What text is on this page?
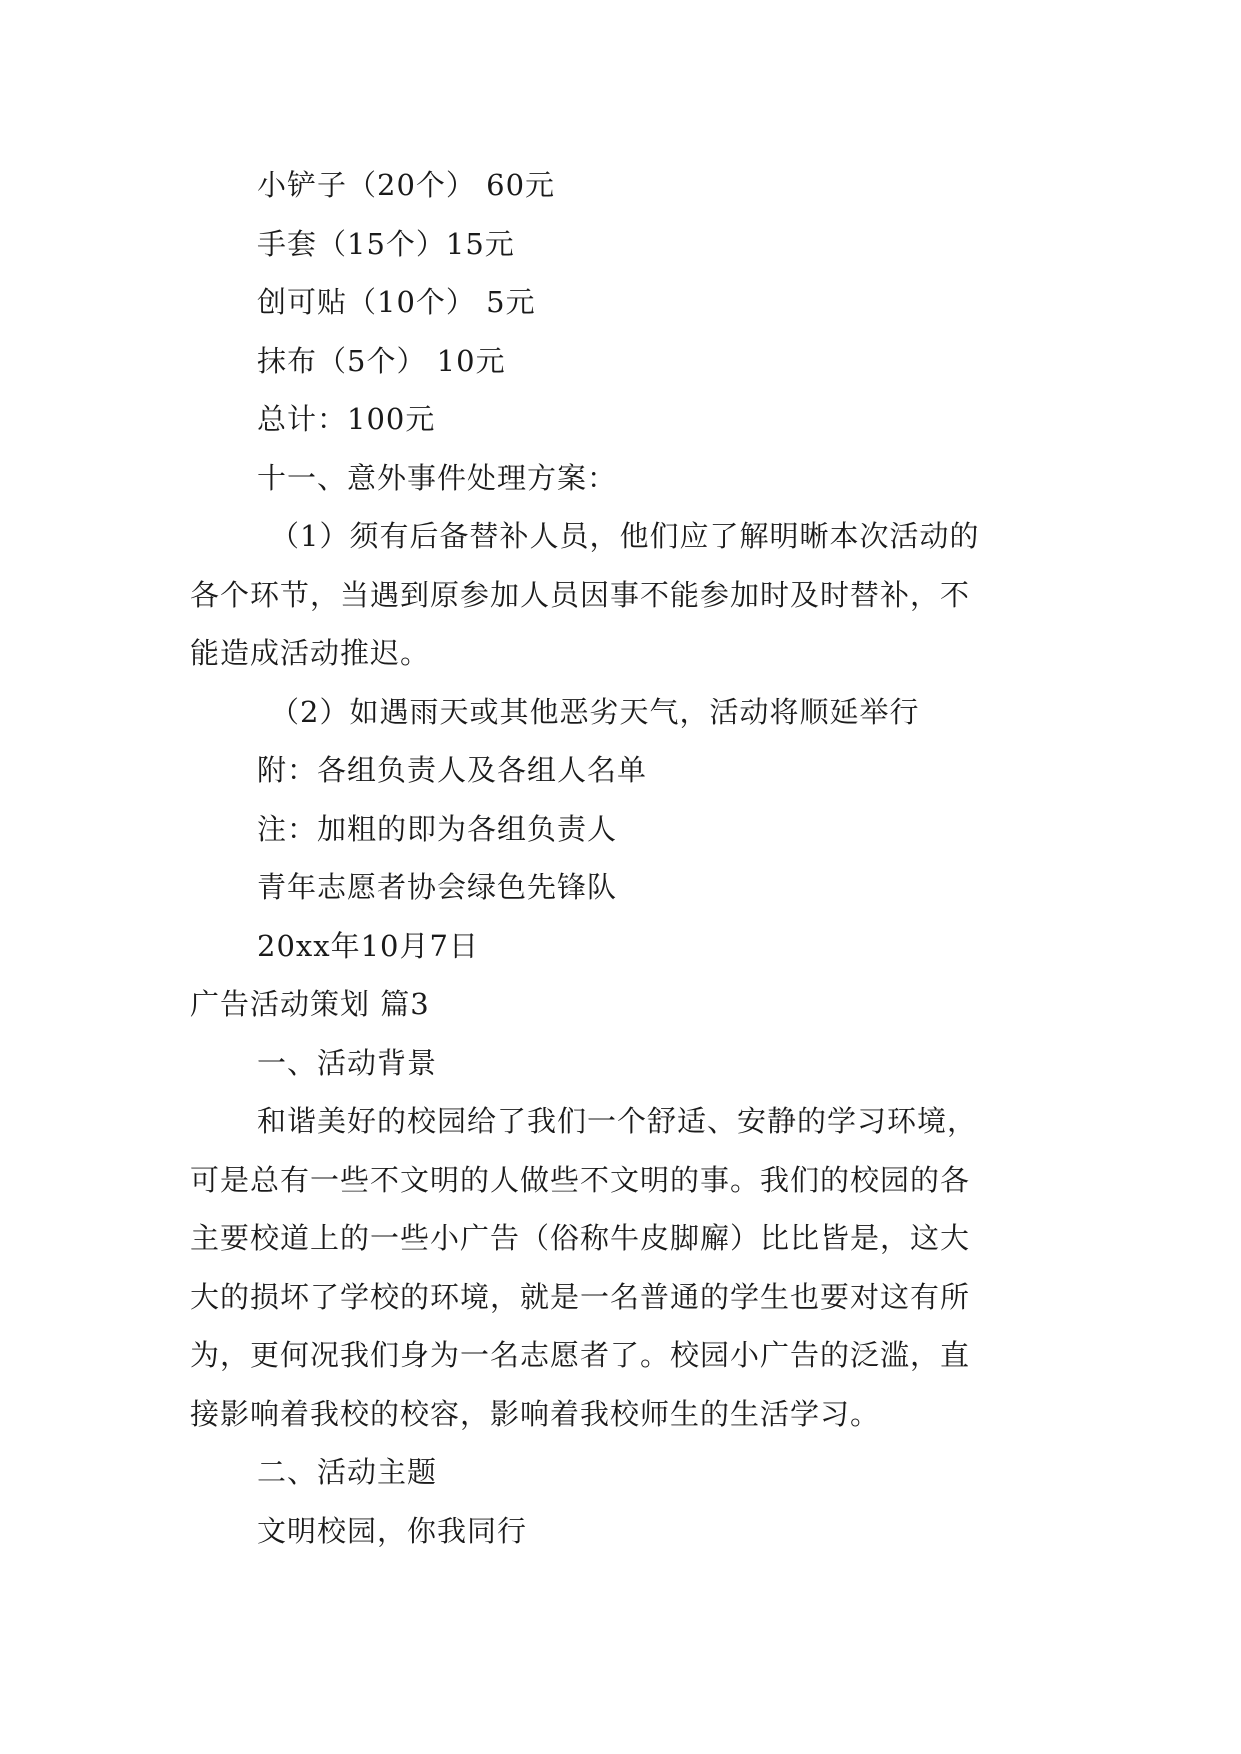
小铲子（20个） 60元
手套（15个）15元
创可贴（10个） 5元
抹布（5个） 10元
总计：100元
十一、意外事件处理方案：
（1）须有后备替补人员，他们应了解明晰本次活动的
各个环节，当遇到原参加人员因事不能参加时及时替补，不
能造成活动推迟。
（2）如遇雨天或其他恶劣天气，活动将顺延举行
附：各组负责人及各组人名单
注：加粗的即为各组负责人
青年志愿者协会绿色先锋队
20xx年10月7日
广告活动策划 篇3
一、活动背景
和谐美好的校园给了我们一个舒适、安静的学习环境，
可是总有一些不文明的人做些不文明的事。我们的校园的各
主要校道上的一些小广告（俗称牛皮脚廨）比比皆是，这大
大的损坏了学校的环境，就是一名普通的学生也要对这有所
为，更何况我们身为一名志愿者了。校园小广告的泛滥，直
接影响着我校的校容，影响着我校师生的生活学习。
二、活动主题
文明校园，你我同行
